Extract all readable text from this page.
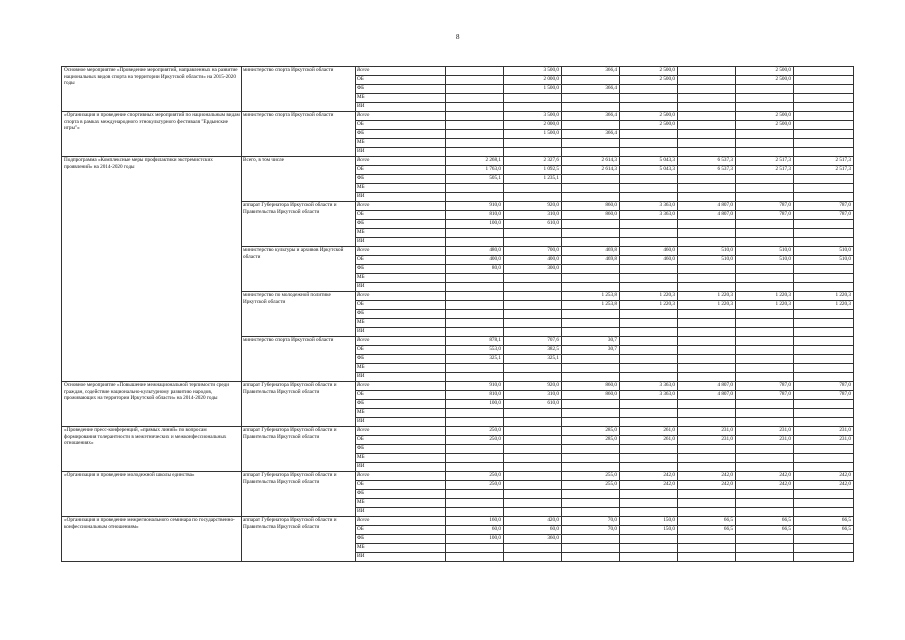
8
Основное мероприятие «Проведение мероприятий, направленных на развитие национальных видов спорта на территории Иркутской области» на 2015-2020 годы	министерство спорта Иркутской области	Всего		3 500,0	366,4	2 500,0		2 500,0	
		ОБ		2 000,0		2 500,0		2 500,0	
		ФБ		1 500,0	366,4				
		МБ							
		ИИ							
«Организация и проведение спортивных мероприятий по национальным видам спорта в рамках международного этнокультурного фестиваля "Ердынские игры"»	министерство спорта Иркутской области	Всего		3 500,0	366,4	2 500,0		2 500,0	
		ОБ		2 000,0		2 500,0		2 500,0	
		ФБ		1 500,0	366,4				
		МБ							
		ИИ							
Подпрограмма «Комплексные меры профилактики экстремистских проявлений» на 2014-2020 годы	Всего, в том числе	Всего	2 268,1	2 327,6	2 614,3	5 043,3	6 537,3	2 517,3	2 517,3
		ОБ	1 763,0	1 092,5	2 614,3	5 043,3	6 537,3	2 517,3	2 517,3
		ФБ	505,1	1 235,1					
		МБ							
		ИИ							
	аппарат Губернатора Иркутской области и Правительства Иркутской области	Всего	910,0	920,0	860,0	3 363,0	4 807,0	787,0	787,0
		ОБ	810,0	310,0	860,0	3 363,0	4 807,0	787,0	787,0
		ФБ	100,0	610,0					
		МБ							
		ИИ							
	министерство культуры и архивов Иркутской области	Всего	480,0	700,0	469,8	460,0	510,0	510,0	510,0
		ОБ	400,0	400,0	469,8	460,0	510,0	510,0	510,0
		ФБ	80,0	300,0					
		МБ							
		ИИ							
	министерство по молодежной политике Иркутской области	Всего			1 253,8	1 220,3	1 220,3	1 220,3	1 220,3
		ОБ			1 253,8	1 220,3	1 220,3	1 220,3	1 220,3
		ФБ							
		МБ							
		ИИ							
	министерство спорта Иркутской области	Всего	878,1	707,6	30,7				
		ОБ	553,0	382,5	30,7				
		ФБ	325,1	325,1					
		МБ							
		ИИ							
Основное мероприятие «Повышение межнациональной терпимости среди граждан, содействие национально-культурному развитию народов, проживающих на территории Иркутской области» на 2014-2020 годы	аппарат Губернатора Иркутской области и Правительства Иркутской области	Всего	910,0	920,0	860,0	3 363,0	4 807,0	787,0	787,0
		ОБ	810,0	310,0	860,0	3 363,0	4 807,0	787,0	787,0
		ФБ	100,0	610,0					
		МБ							
		ИИ							
«Проведение пресс-конференций, «прямых линий» по вопросам формирования толерантности в межэтнических и межконфессиональных отношениях»	аппарат Губернатора Иркутской области и Правительства Иркутской области	Всего	250,0		285,0	261,0	231,0	231,0	231,0
		ОБ	250,0		285,0	261,0	231,0	231,0	231,0
		ФБ							
		МБ							
		ИИ							
«Организация и проведение молодежной школы единства»	аппарат Губернатора Иркутской области и Правительства Иркутской области	Всего	250,0		255,0	242,0	242,0	242,0	242,0
		ОБ	250,0		255,0	242,0	242,0	242,0	242,0
		ФБ							
		МБ							
		ИИ							
«Организация и проведение межрегионального семинара по государственно-конфессиональным отношениям»	аппарат Губернатора Иркутской области и Правительства Иркутской области	Всего	160,0	420,0	70,0	150,0	66,5	66,5	66,5
		ОБ	60,0	60,0	70,0	150,0	66,5	66,5	66,5
		ФБ	100,0	360,0					
		МБ							
		ИИ							
